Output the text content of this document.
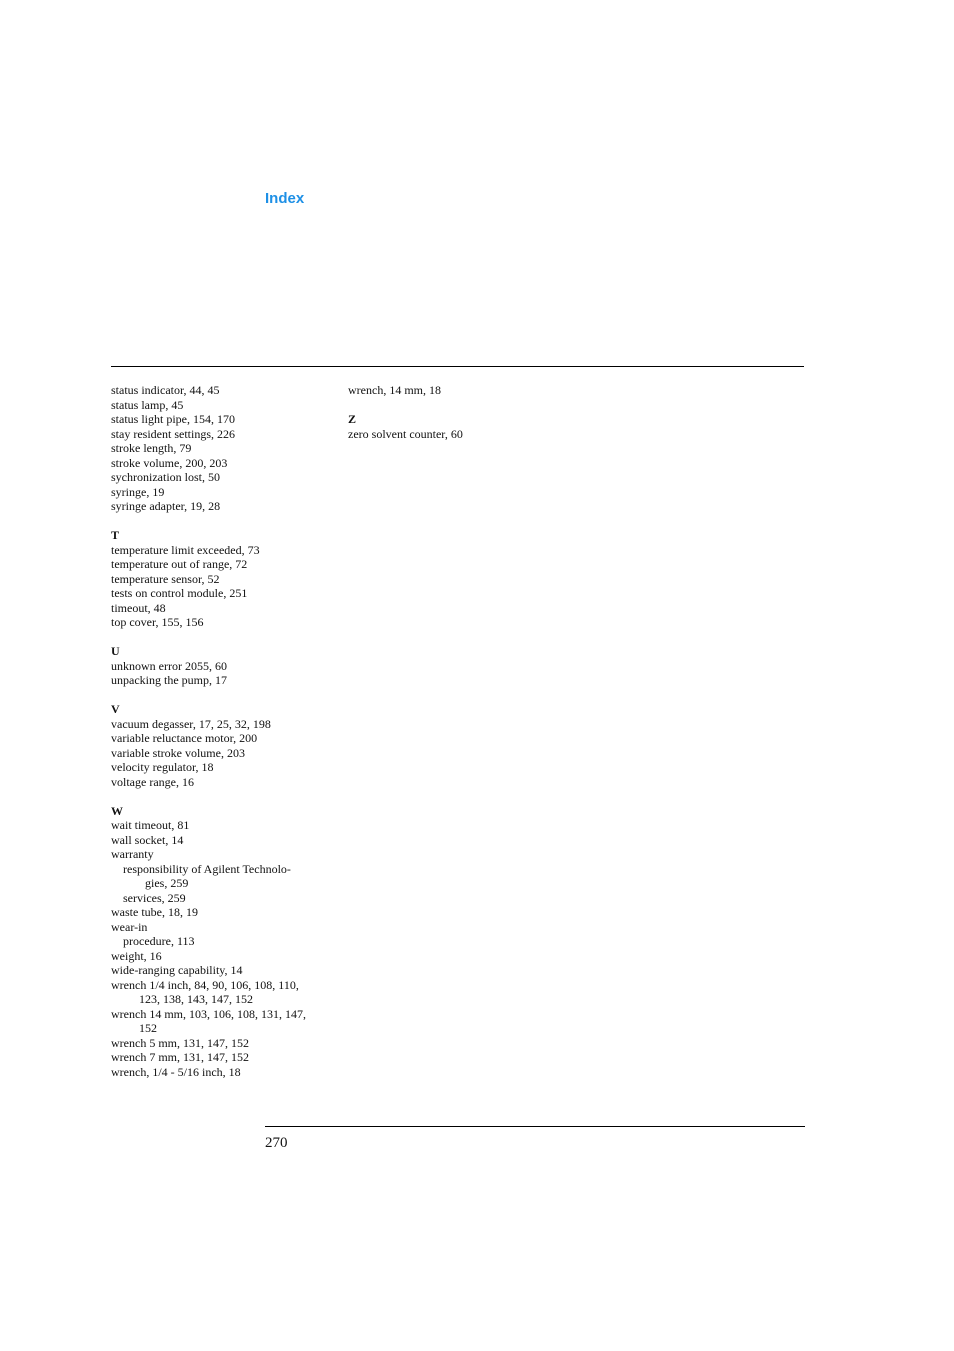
Index
status indicator, 44, 45
status lamp, 45
status light pipe, 154, 170
stay resident settings, 226
stroke length, 79
stroke volume, 200, 203
sychronization lost, 50
syringe, 19
syringe adapter, 19, 28
T
temperature limit exceeded, 73
temperature out of range, 72
temperature sensor, 52
tests on control module, 251
timeout, 48
top cover, 155, 156
U
unknown error 2055, 60
unpacking the pump, 17
V
vacuum degasser, 17, 25, 32, 198
variable reluctance motor, 200
variable stroke volume, 203
velocity regulator, 18
voltage range, 16
W
wait timeout, 81
wall socket, 14
warranty
responsibility of Agilent Technolo-
gies, 259
services, 259
waste tube, 18, 19
wear-in
procedure, 113
weight, 16
wide-ranging capability, 14
wrench 1/4 inch, 84, 90, 106, 108, 110,
123, 138, 143, 147, 152
wrench 14 mm, 103, 106, 108, 131, 147,
152
wrench 5 mm, 131, 147, 152
wrench 7 mm, 131, 147, 152
wrench, 1/4 - 5/16 inch, 18
wrench, 14 mm, 18
Z
zero solvent counter, 60
270
